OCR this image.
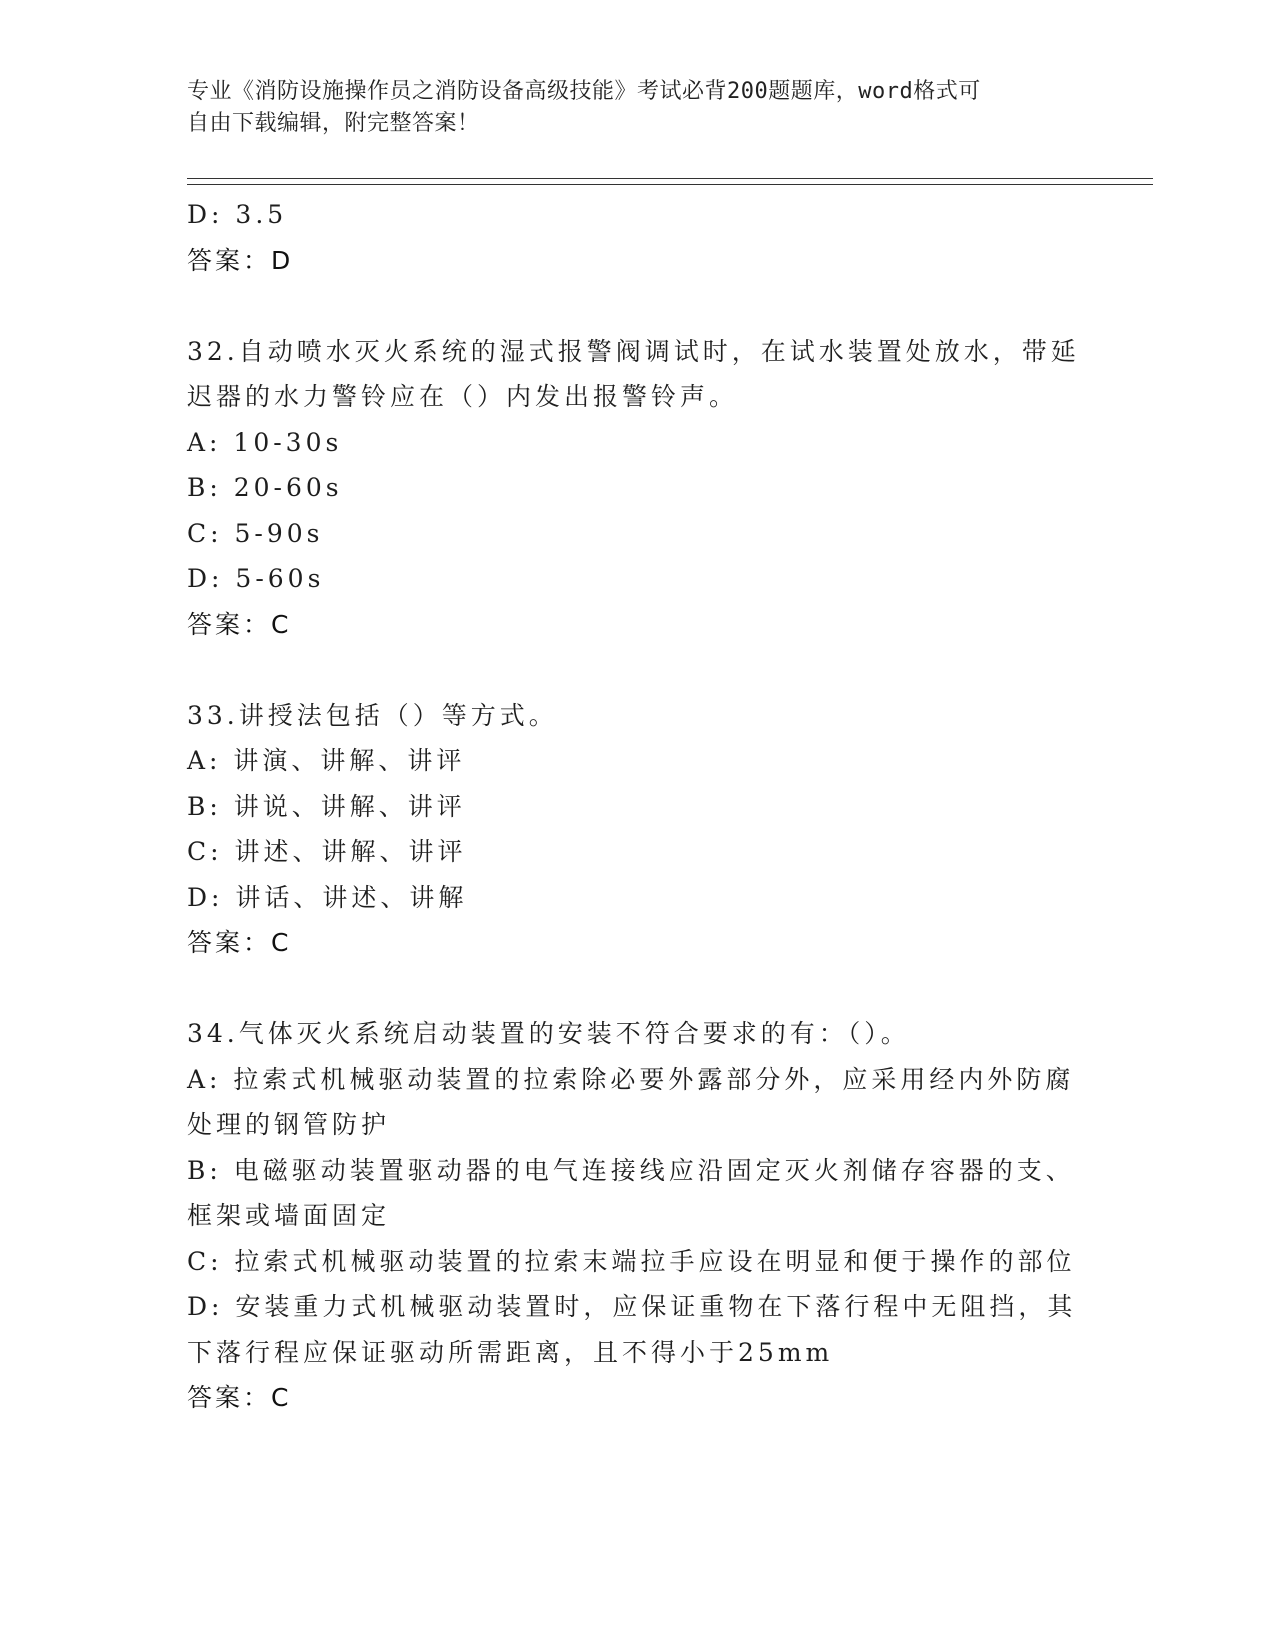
专业《消防设施操作员之消防设备高级技能》考试必背200题题库，word格式可
自由下载编辑，附完整答案！
D: 3.5
答案：D
32.自动喷水灭火系统的湿式报警阀调试时，在试水装置处放水，带延
迟器的水力警铃应在（）内发出报警铃声。
A: 10-30s
B: 20-60s
C: 5-90s
D: 5-60s
答案：C
33.讲授法包括（）等方式。
A: 讲演、讲解、讲评
B: 讲说、讲解、讲评
C: 讲述、讲解、讲评
D: 讲话、讲述、讲解
答案：C
34.气体灭火系统启动装置的安装不符合要求的有：（）。
A: 拉索式机械驱动装置的拉索除必要外露部分外，应采用经内外防腐
处理的钢管防护
B: 电磁驱动装置驱动器的电气连接线应沿固定灭火剂储存容器的支、
框架或墙面固定
C: 拉索式机械驱动装置的拉索末端拉手应设在明显和便于操作的部位
D: 安装重力式机械驱动装置时，应保证重物在下落行程中无阻挡，其
下落行程应保证驱动所需距离，且不得小于25mm
答案：C
